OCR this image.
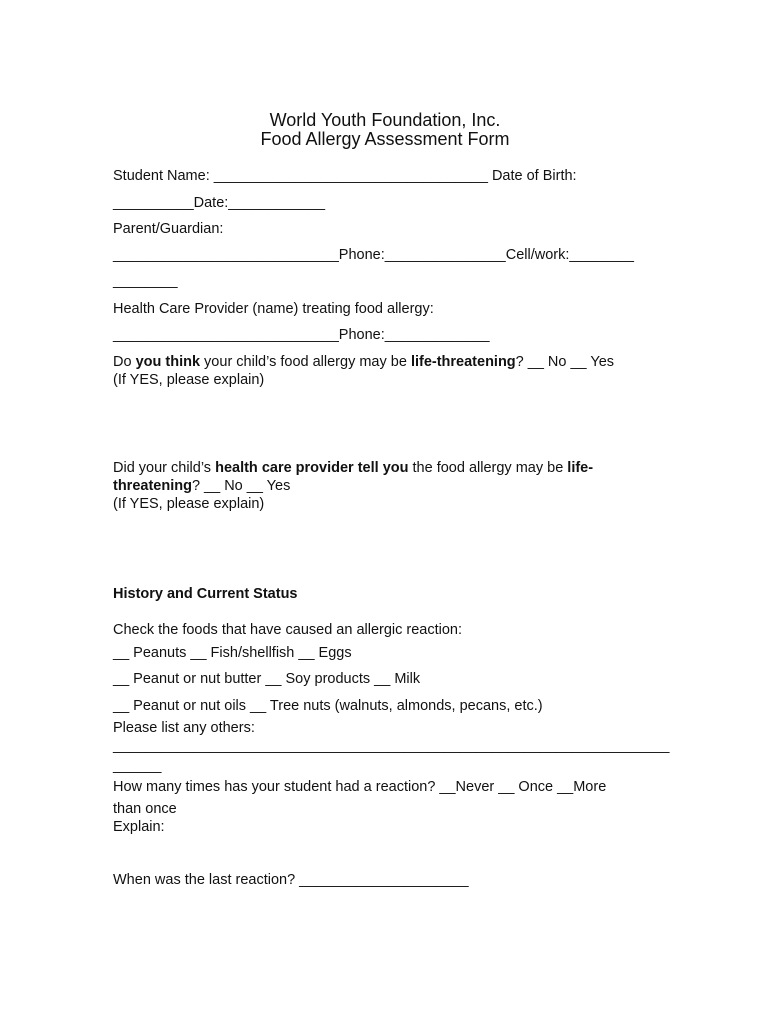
World Youth Foundation, Inc.
Food Allergy Assessment Form
Student Name: __________________________________ Date of Birth:
__________Date:____________
Parent/Guardian:
____________________________Phone:_______________Cell/work:________
________
Health Care Provider (name) treating food allergy:
____________________________Phone:_____________
Do you think your child’s food allergy may be life-threatening? __ No __ Yes
(If YES, please explain)
Did your child’s health care provider tell you the food allergy may be life-
threatening? __ No __ Yes
(If YES, please explain)
History and Current Status
Check the foods that have caused an allergic reaction:
__ Peanuts __ Fish/shellfish __ Eggs
__ Peanut or nut butter __ Soy products __ Milk
__ Peanut or nut oils __ Tree nuts (walnuts, almonds, pecans, etc.)
Please list any others:
_____________________________________________________________________
______
How many times has your student had a reaction? __Never __ Once __More
than once
Explain:
When was the last reaction? _____________________
